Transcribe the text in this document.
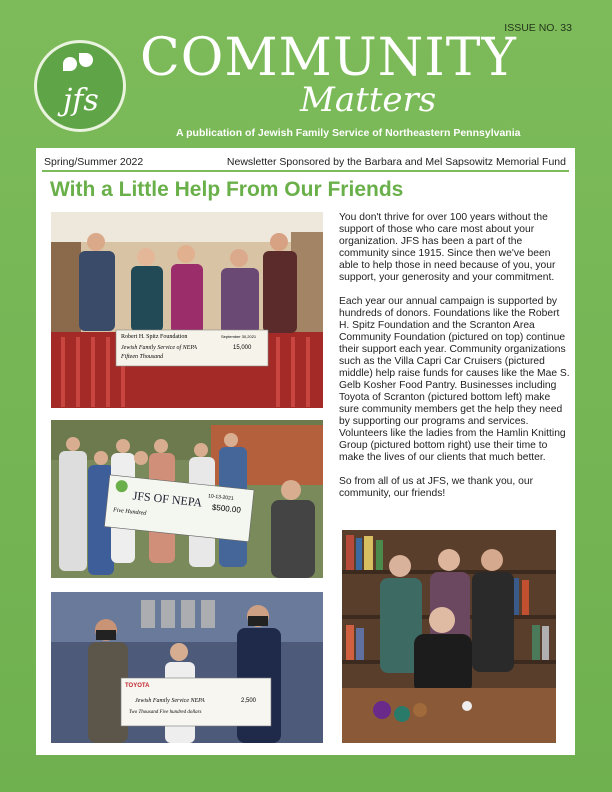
jfs
ISSUE NO. 33
COMMUNITY
Matters
A publication of Jewish Family Service of Northeastern Pennsylvania
Spring/Summer 2022	Newsletter Sponsored by the Barbara and Mel Sapsowitz Memorial Fund
With a Little Help From Our Friends
Robert H. Spitz Foundation	September 30,2021
Jewish Family Service of NEPA	15,000
Fifteen Thousand
JFS OF NEPA 10-13-2021
$500.00
Five Hundred
TOYOTA
Jewish Family Service NEPA	2,500
Two Thousand Five hundred dollars

You don't thrive for over 100 years without the support of those who care most about your organization. JFS has been a part of the community since 1915. Since then we've been able to help those in need because of you, your support, your generosity and your commitment.

Each year our annual campaign is supported by hundreds of donors. Foundations like the Robert H. Spitz Foundation and the Scranton Area Community Foundation (pictured on top) continue their support each year. Community organizations such as the Villa Capri Car Cruisers (pictured middle) help raise funds for causes like the Mae S. Gelb Kosher Food Pantry. Businesses including Toyota of Scranton (pictured bottom left) make sure community members get the help they need by supporting our programs and services. Volunteers like the ladies from the Hamlin Knitting Group (pictured bottom right) use their time to make the lives of our clients that much better.

So from all of us at JFS, we thank you, our community, our friends!
